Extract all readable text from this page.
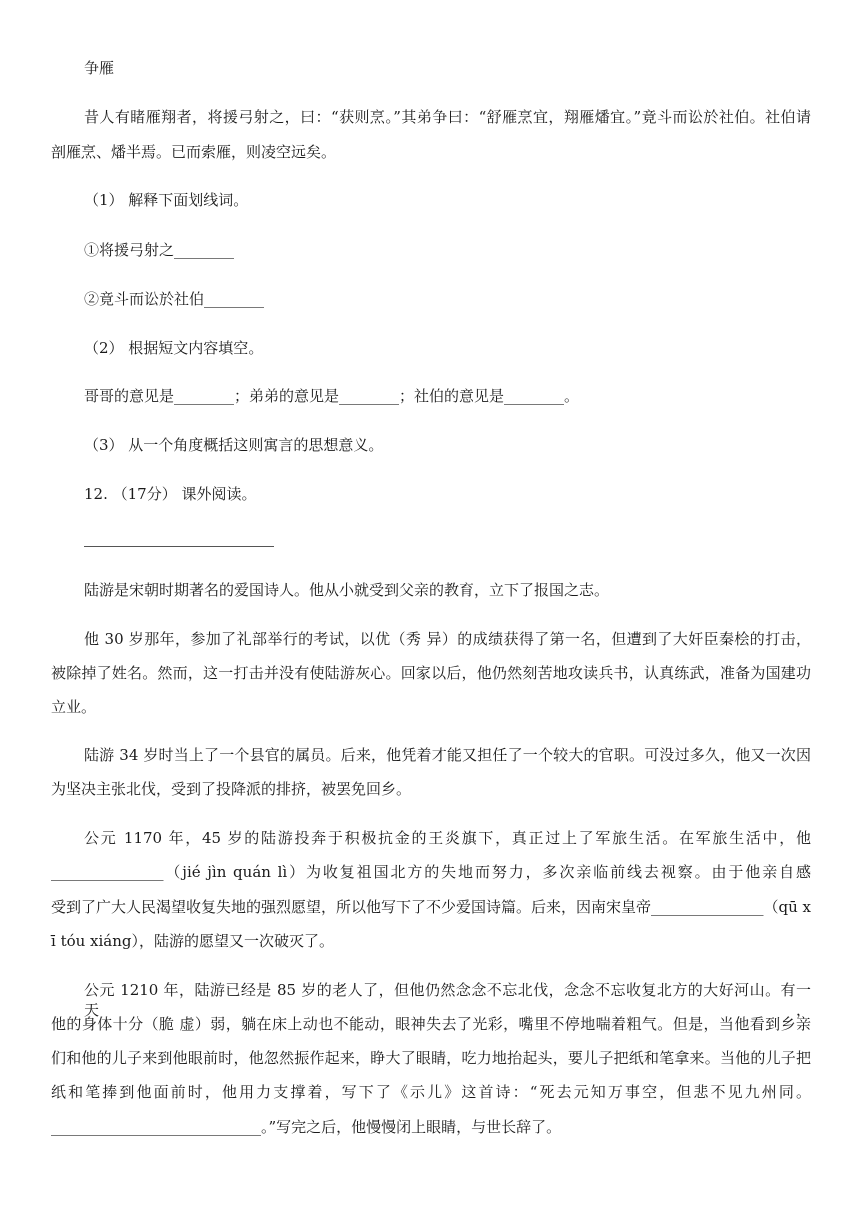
争雁
昔人有睹雁翔者，将援弓射之，曰：“获则烹。”其弟争曰：“舒雁烹宜，翔雁燔宜。”竟斗而讼於社伯。社伯请
剖雁烹、燔半焉。已而索雁，则凌空远矣。
（1） 解释下面划线词。
①将援弓射之________
②竟斗而讼於社伯________
（2） 根据短文内容填空。
哥哥的意见是________；弟弟的意见是________；社伯的意见是________。
（3） 从一个角度概括这则寓言的思想意义。
12. （17分） 课外阅读。
陆游是宋朝时期著名的爱国诗人。他从小就受到父亲的教育，立下了报国之志。
他 30 岁那年，参加了礼部举行的考试，以优（秀 异）的成绩获得了第一名，但遭到了大奸臣秦桧的打击，
被除掉了姓名。然而，这一打击并没有使陆游灰心。回家以后，他仍然刻苦地攻读兵书，认真练武，准备为国建功
立业。
陆游 34 岁时当上了一个县官的属员。后来，他凭着才能又担任了一个较大的官职。可没过多久，他又一次因
为坚决主张北伐，受到了投降派的排挤，被罢免回乡。
公元 1170 年，45 岁的陆游投奔于积极抗金的王炎旗下，真正过上了军旅生活。在军旅生活中，他
_______________（jié jìn quán lì）为收复祖国北方的失地而努力，多次亲临前线去视察。由于他亲自感
受到了广大人民渴望收复失地的强烈愿望，所以他写下了不少爱国诗篇。后来，因南宋皇帝_______________（qū x
ī tóu xiáng），陆游的愿望又一次破灭了。
公元 1210 年，陆游已经是 85 岁的老人了，但他仍然念念不忘北伐，念念不忘收复北方的大好河山。有一天，
他的身体十分（脆 虚）弱，躺在床上动也不能动，眼神失去了光彩，嘴里不停地喘着粗气。但是，当他看到乡亲
们和他的儿子来到他眼前时，他忽然振作起来，睁大了眼睛，吃力地抬起头，要儿子把纸和笔拿来。当他的儿子把
纸和笔捧到他面前时，他用力支撑着，写下了《示儿》这首诗：“死去元知万事空，但悲不见九州同。
____________________________。”写完之后，他慢慢闭上眼睛，与世长辞了。
